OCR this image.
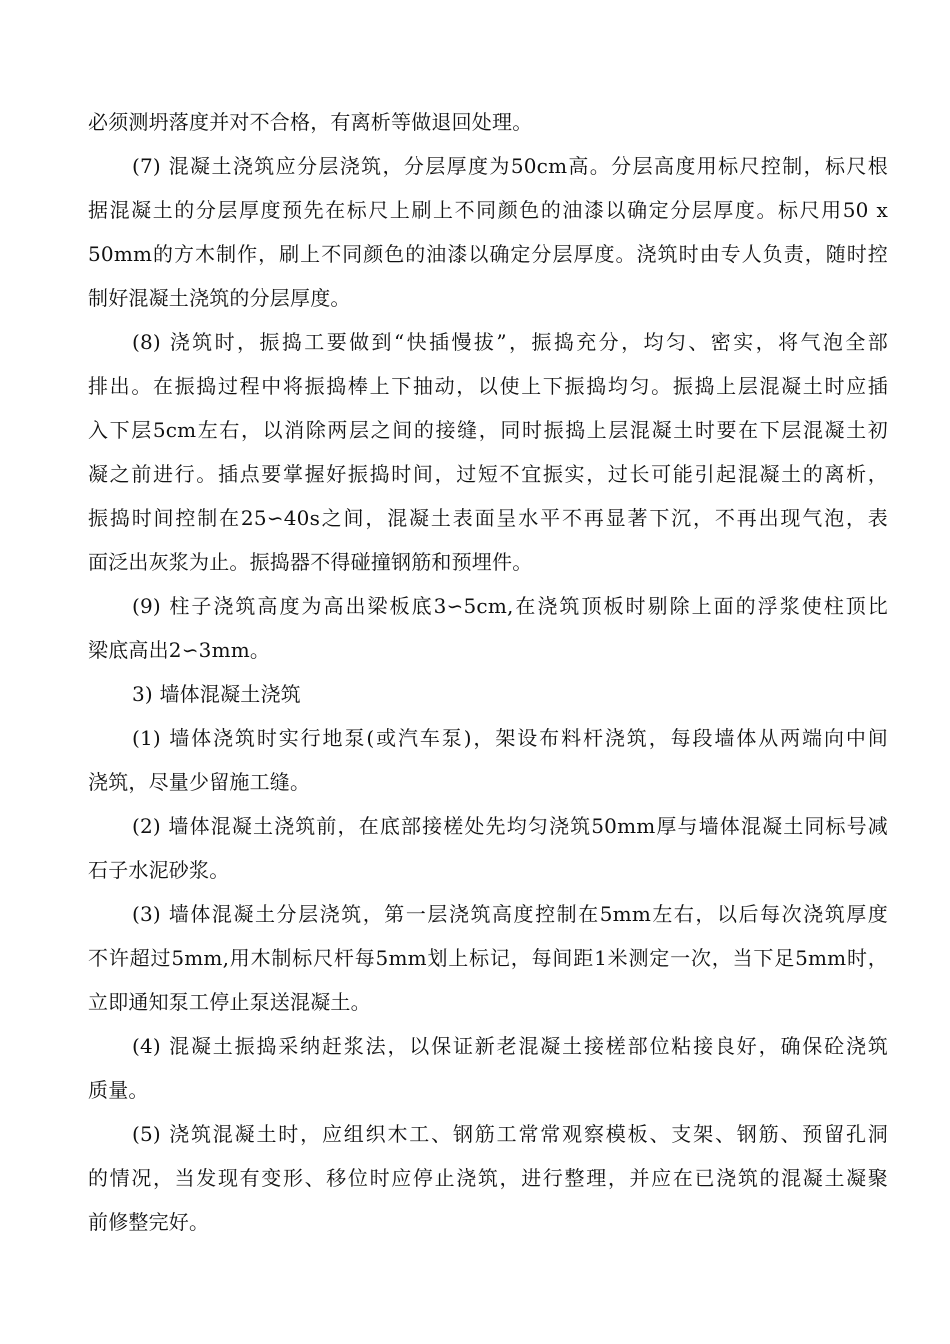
必须测坍落度并对不合格，有离析等做退回处理。
(7) 混凝土浇筑应分层浇筑，分层厚度为50cm高。分层高度用标尺控制，标尺根
据混凝土的分层厚度预先在标尺上刷上不同颜色的油漆以确定分层厚度。标尺用50 x
50mm的方木制作，刷上不同颜色的油漆以确定分层厚度。浇筑时由专人负责，随时控
制好混凝土浇筑的分层厚度。
(8) 浇筑时，振捣工要做到“快插慢拔”，振捣充分，均匀、密实，将气泡全部
排出。在振捣过程中将振捣棒上下抽动，以使上下振捣均匀。振捣上层混凝土时应插
入下层5cm左右，以消除两层之间的接缝，同时振捣上层混凝土时要在下层混凝土初
凝之前进行。插点要掌握好振捣时间，过短不宜振实，过长可能引起混凝土的离析，
振捣时间控制在25∽40s之间，混凝土表面呈水平不再显著下沉，不再出现气泡，表
面泛出灰浆为止。振捣器不得碰撞钢筋和预埋件。
(9) 柱子浇筑高度为高出梁板底3∽5cm,在浇筑顶板时剔除上面的浮浆使柱顶比
梁底高出2∽3mm。
3) 墙体混凝土浇筑
(1) 墙体浇筑时实行地泵(或汽车泵)，架设布料杆浇筑，每段墙体从两端向中间
浇筑，尽量少留施工缝。
(2) 墙体混凝土浇筑前，在底部接槎处先均匀浇筑50mm厚与墙体混凝土同标号减
石子水泥砂浆。
(3) 墙体混凝土分层浇筑，第一层浇筑高度控制在5mm左右，以后每次浇筑厚度
不许超过5mm,用木制标尺杆每5mm划上标记，每间距1米测定一次，当下足5mm时，
立即通知泵工停止泵送混凝土。
(4) 混凝土振捣采纳赶浆法，以保证新老混凝土接槎部位粘接良好，确保砼浇筑
质量。
(5) 浇筑混凝土时，应组织木工、钢筋工常常观察模板、支架、钢筋、预留孔洞
的情况，当发现有变形、移位时应停止浇筑，进行整理，并应在已浇筑的混凝土凝聚
前修整完好。
